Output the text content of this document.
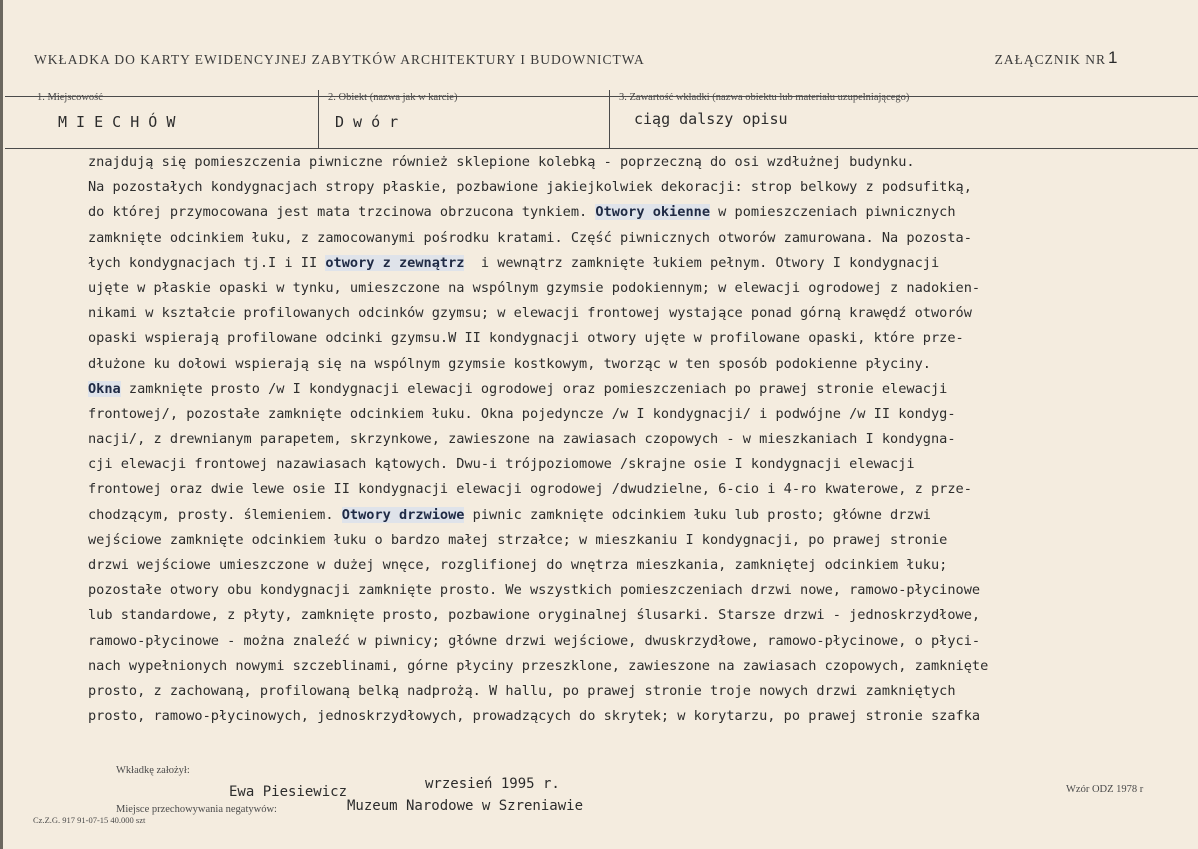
WKŁADKA DO KARTY EWIDENCYJNEJ ZABYTKÓW ARCHITEKTURY I BUDOWNICTWA	ZAŁĄCZNIK NR 1
1. Miejscowość
M I E C H Ó W
2. Obiekt (nazwa jak w karcie)
D w ó r
3. Zawartość wkładki (nazwa obiektu lub materiału uzupełniającego)
ciąg dalszy opisu
znajdują się pomieszczenia piwniczne również sklepione kolebką - poprzeczną do osi wzdłużnej budynku.
Na pozostałych kondygnacjach stropy płaskie, pozbawione jakiejkolwiek dekoracji: strop belkowy z podsufitką,
do której przymocowana jest mata trzcinowa obrzucona tynkiem. Otwory okienne w pomieszczeniach piwnicznych
zamknięte odcinkiem łuku, z zamocowanymi pośrodku kratami. Część piwnicznych otworów zamurowana. Na pozosta-
łych kondygnacjach tj.I i II otwory z zewnątrz  i wewnątrz zamknięte łukiem pełnym. Otwory I kondygnacji
ujęte w płaskie opaski w tynku, umieszczone na wspólnym gzymsie podokiennym; w elewacji ogrodowej z nadokien-
nikami w kształcie profilowanych odcinków gzymsu; w elewacji frontowej wystające ponad górną krawędź otworów
opaski wspierają profilowane odcinki gzymsu.W II kondygnacji otwory ujęte w profilowane opaski, które prze-
dłużone ku dołowi wspierają się na wspólnym gzymsie kostkowym, tworząc w ten sposób podokienne płyciny.
Okna zamknięte prosto /w I kondygnacji elewacji ogrodowej oraz pomieszczeniach po prawej stronie elewacji
frontowej/, pozostałe zamknięte odcinkiem łuku. Okna pojedyncze /w I kondygnacji/ i podwójne /w II kondyg-
nacji/, z drewnianym parapetem, skrzynkowe, zawieszone na zawiasach czopowych - w mieszkaniach I kondygna-
cji elewacji frontowej nazawiasach kątowych. Dwu-i trójpoziomowe /skrajne osie I kondygnacji elewacji
frontowej oraz dwie lewe osie II kondygnacji elewacji ogrodowej /dwudzielne, 6-cio i 4-ro kwaterowe, z prze-
chodzącym, prosty. ślemieniem. Otwory drzwiowe piwnic zamknięte odcinkiem łuku lub prosto; główne drzwi
wejściowe zamknięte odcinkiem łuku o bardzo małej strzałce; w mieszkaniu I kondygnacji, po prawej stronie
drzwi wejściowe umieszczone w dużej wnęce, rozglifionej do wnętrza mieszkania, zamkniętej odcinkiem łuku;
pozostałe otwory obu kondygnacji zamknięte prosto. We wszystkich pomieszczeniach drzwi nowe, ramowo-płycinowe
lub standardowe, z płyty, zamknięte prosto, pozbawione oryginalnej ślusarki. Starsze drzwi - jednoskrzydłowe,
ramowo-płycinowe - można znaleźć w piwnicy; główne drzwi wejściowe, dwuskrzydłowe, ramowo-płycinowe, o płyci-
nach wypełnionych nowymi szczeblinami, górne płyciny przeszklone, zawieszone na zawiasach czopowych, zamknięte
prosto, z zachowaną, profilowaną belką nadprożą. W hallu, po prawej stronie troje nowych drzwi zamkniętych
prosto, ramowo-płycinowych, jednoskrzydłowych, prowadzących do skrytek; w korytarzu, po prawej stronie szafka
Wkładkę założył:
Ewa Piesiewicz	wrzesień 1995 r.
Miejsce przechowywania negatywów:	Muzeum Narodowe w Szreniawie
Wzór ODZ 1978 r
Cz.Z.G. 917 91-07-15 40.000 szt
